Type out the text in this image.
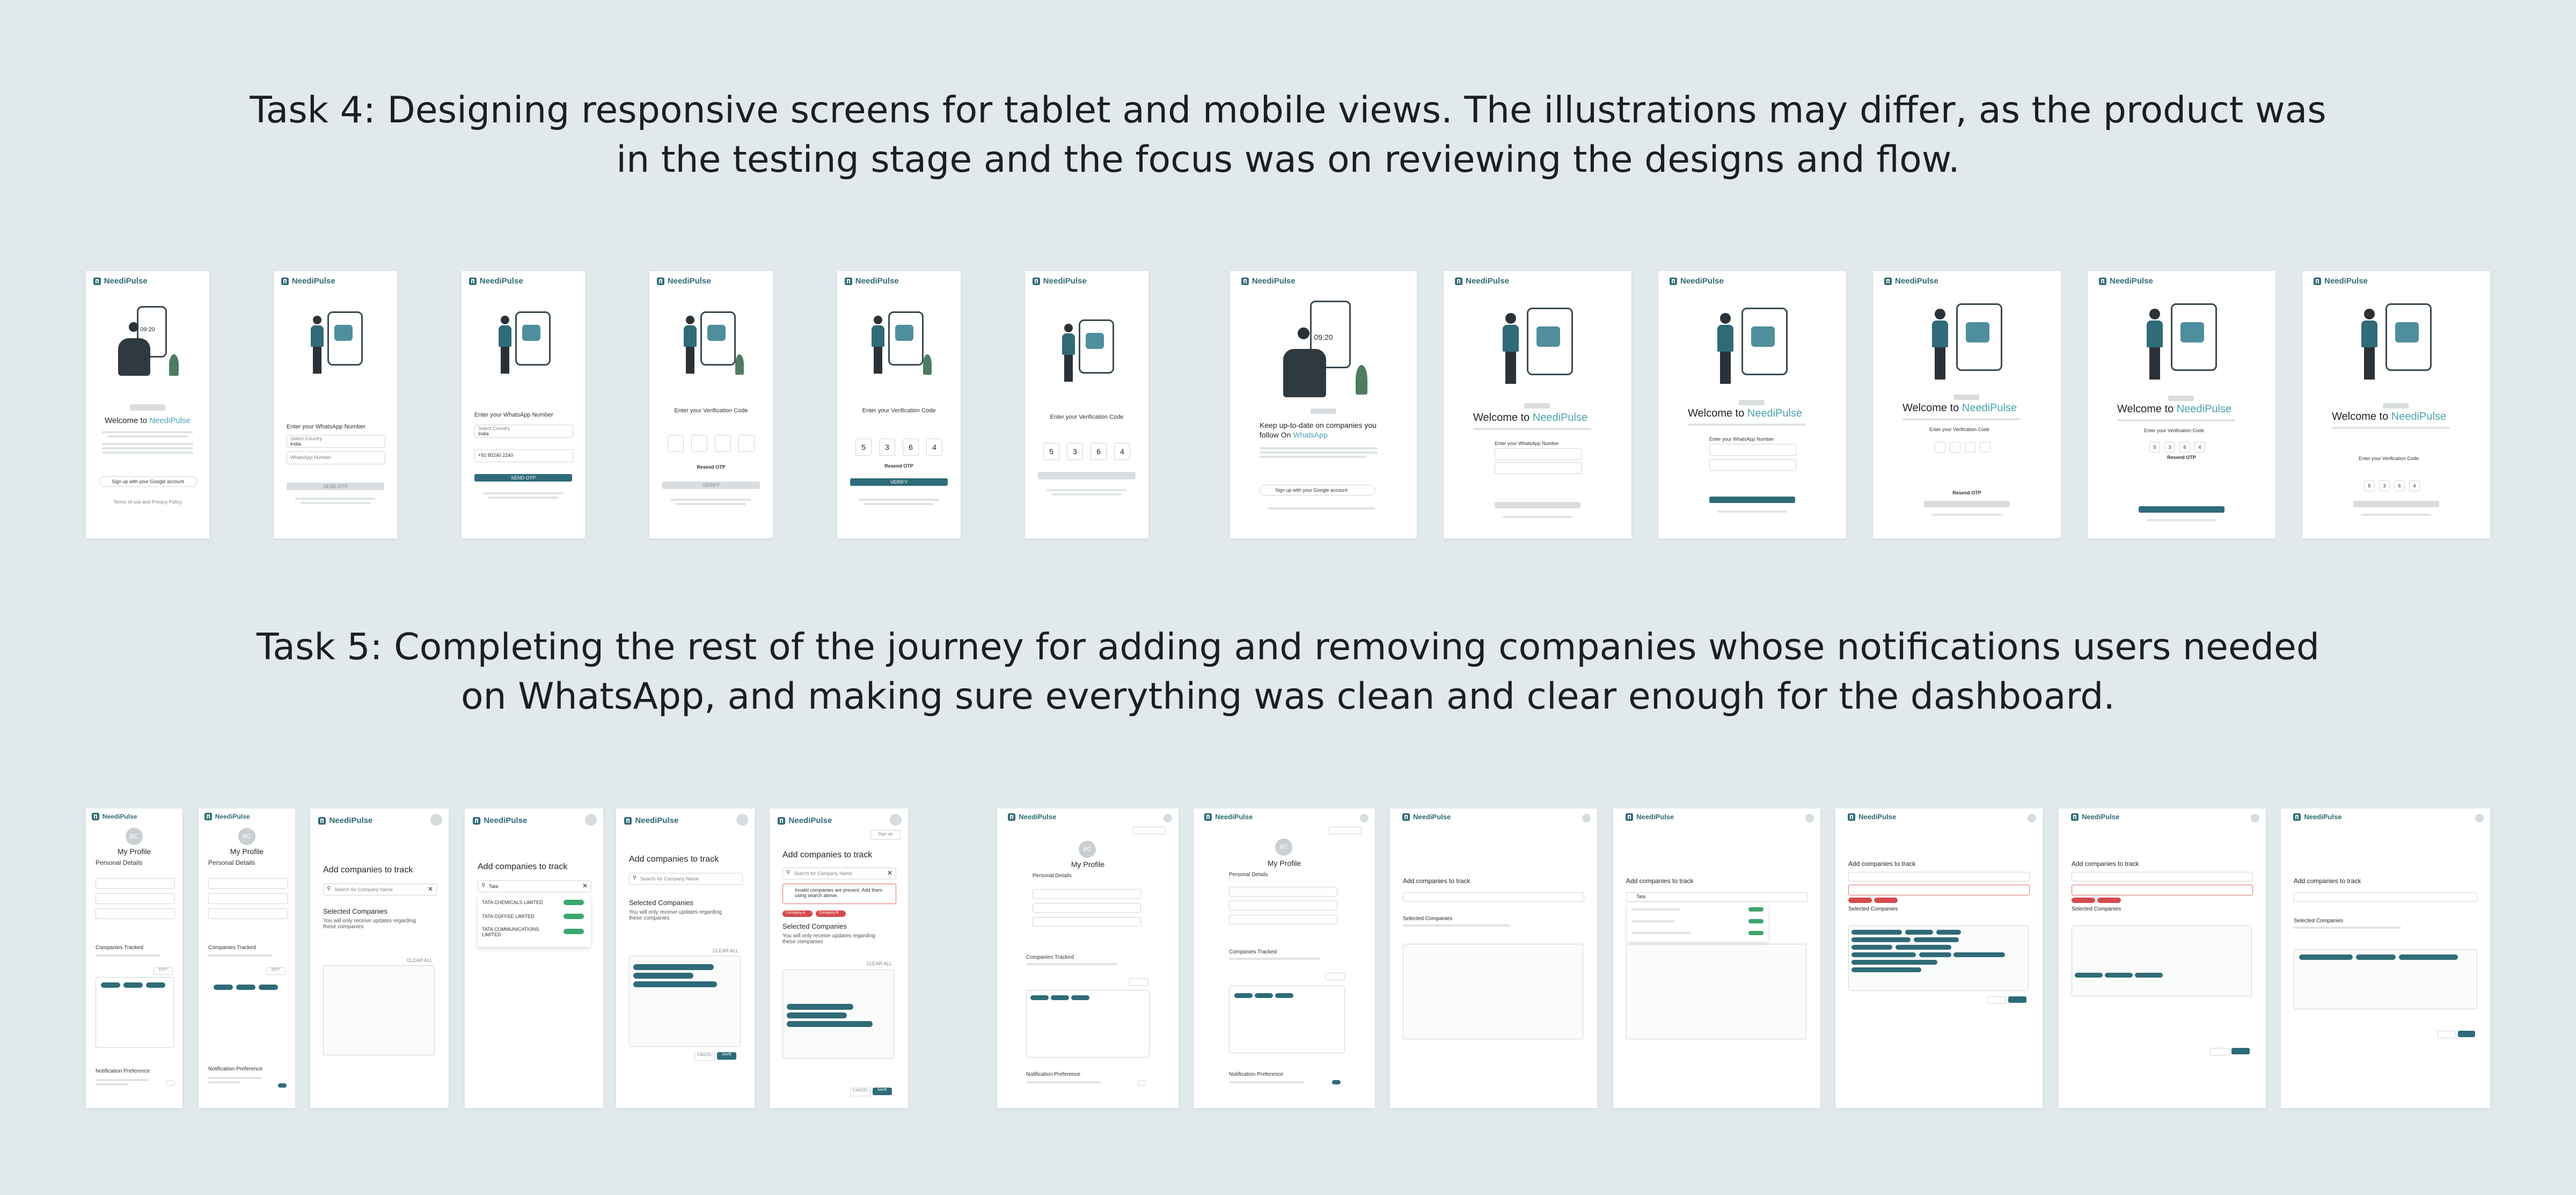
Task 4: Designing responsive screens for tablet and mobile views. The illustrations may differ, as the product was
in the testing stage and the focus was on reviewing the designs and flow.
Task 5: Completing the rest of the journey for adding and removing companies whose notifications users needed
on WhatsApp, and making sure everything was clean and clear enough for the dashboard.
NeediPulse
09:20
Welcome to NeediPulse
Sign up with your Google account
Terms of use and Privacy Policy
NeediPulse
Enter your WhatsApp Number
Select Country
India
WhatsApp Number
SEND OTP
NeediPulse
Enter your WhatsApp Number
Select Country
India
+91 80240 2240
SEND OTP
NeediPulse
Enter your Verification Code
Resend OTP
VERIFY
NeediPulse
Enter your Verification Code
5	3	6	4
Resend OTP
VERIFY
NeediPulse
Enter your Verification Code
5	3	6	4
NeediPulse
09:20
Keep up-to-date on companies you follow On WhatsApp
Sign up with your Google account
NeediPulse
Welcome to NeediPulse
Enter your WhatsApp Number
NeediPulse
Welcome to NeediPulse
Enter your WhatsApp Number
NeediPulse
Welcome to NeediPulse
Enter your Verification Code
Resend OTP
NeediPulse
Welcome to NeediPulse
Enter your Verification Code
5	3	6	4
Resend OTP
NeediPulse
Welcome to NeediPulse
Enter your Verification Code
5	3	6	4
NeediPulse
BC
My Profile
Personal Details
Companies Tracked
EDIT
Notification Preference
NeediPulse
BC
My Profile
Personal Details
Companies Tracked
EDIT
Notification Preference
NeediPulse
Add companies to track
⚲ Search for Company Name	✕
Selected Companies
You will only receive updates regarding these companies
CLEAR ALL
NeediPulse
Add companies to track
⚲ Tata	✕
TATA CHEMICALS LIMITED
TATA COFFEE LIMITED
TATA COMMUNICATIONS LIMITED
NeediPulse
Add companies to track
⚲ Search for Company Name
Selected Companies
You will only receive updates regarding these companies
CLEAR ALL
CANCEL	SAVE
NeediPulse
Sign up
Add companies to track
⚲ Search for Company Name	✕
Invalid companies are present. Add them using search above.
Company A	Company B
Selected Companies
You will only receive updates regarding these companies
CLEAR ALL
CANCEL	SAVE
NeediPulse
BC
My Profile
Personal Details
Companies Tracked
Notification Preference
NeediPulse
BC
My Profile
Personal Details
Companies Tracked
Notification Preference
NeediPulse
Add companies to track
Selected Companies
NeediPulse
Add companies to track
Tata
NeediPulse
Add companies to track
Selected Companies
NeediPulse
Add companies to track
Selected Companies
NeediPulse
Add companies to track
Selected Companies
